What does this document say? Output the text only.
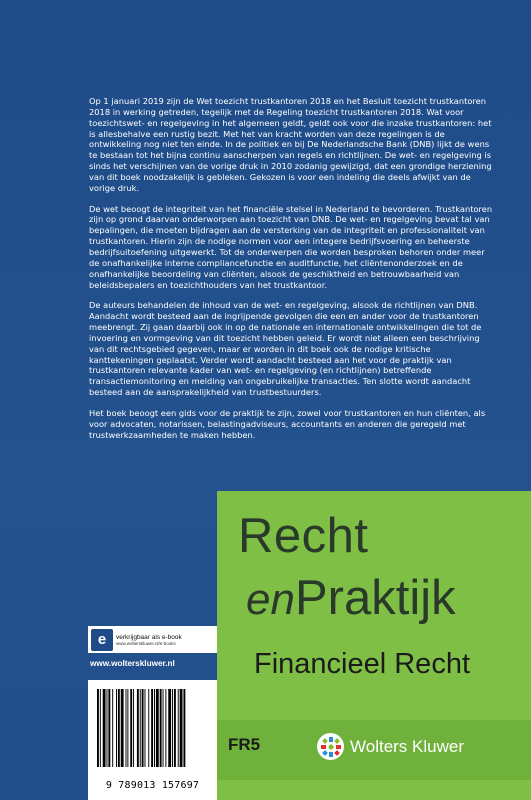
Op 1 januari 2019 zijn de Wet toezicht trustkantoren 2018 en het Besluit toezicht trustkantoren 2018 in werking getreden, tegelijk met de Regeling toezicht trustkantoren 2018. Wat voor toezichtswet- en regelgeving in het algemeen geldt, geldt ook voor die inzake trustkantoren: het is allesbehalve een rustig bezit. Met het van kracht worden van deze regelingen is de ontwikkeling nog niet ten einde. In de politiek en bij De Nederlandsche Bank (DNB) lijkt de wens te bestaan tot het bijna continu aanscherpen van regels en richtlijnen. De wet- en regelgeving is sinds het verschijnen van de vorige druk in 2010 zodanig gewijzigd, dat een grondige herziening van dit boek noodzakelijk is gebleken. Gekozen is voor een indeling die deels afwijkt van de vorige druk.

De wet beoogt de integriteit van het financiële stelsel in Nederland te bevorderen. Trustkantoren zijn op grond daarvan onderworpen aan toezicht van DNB. De wet- en regelgeving bevat tal van bepalingen, die moeten bijdragen aan de versterking van de integriteit en professionaliteit van trustkantoren. Hierin zijn de nodige normen voor een integere bedrijfsvoering en beheerste bedrijfsuitoefening uitgewerkt. Tot de onderwerpen die worden besproken behoren onder meer de onafhankelijke interne compliancefunctie en auditfunctie, het cliëntenonderzoek en de onafhankelijke beoordeling van cliënten, alsook de geschiktheid en betrouwbaarheid van beleidsbepalers en toezichthouders van het trustkantoor.

De auteurs behandelen de inhoud van de wet- en regelgeving, alsook de richtlijnen van DNB. Aandacht wordt besteed aan de ingrijpende gevolgen die een en ander voor de trustkantoren meebrengt. Zij gaan daarbij ook in op de nationale en internationale ontwikkelingen die tot de invoering en vormgeving van dit toezicht hebben geleid. Er wordt niet alleen een beschrijving van dit rechtsgebied gegeven, maar er worden in dit boek ook de nodige kritische kanttekeningen geplaatst. Verder wordt aandacht besteed aan het voor de praktijk van trustkantoren relevante kader van wet- en regelgeving (en richtlijnen) betreffende transactiemonitoring en melding van ongebruikelijke transacties. Ten slotte wordt aandacht besteed aan de aansprakelijkheid van trustbestuurders.

Het boek beoogt een gids voor de praktijk te zijn, zowel voor trustkantoren en hun cliënten, als voor advocaten, notarissen, belastingadviseurs, accountants en anderen die geregeld met trustwerkzaamheden te maken hebben.

Recht
enPraktijk
Financieel Recht
FR5	Wolters Kluwer
e	verkrijgbaar als e-book
www.wolterskluwer.nl/e-books
www.wolterskluwer.nl
9 789013 157697
